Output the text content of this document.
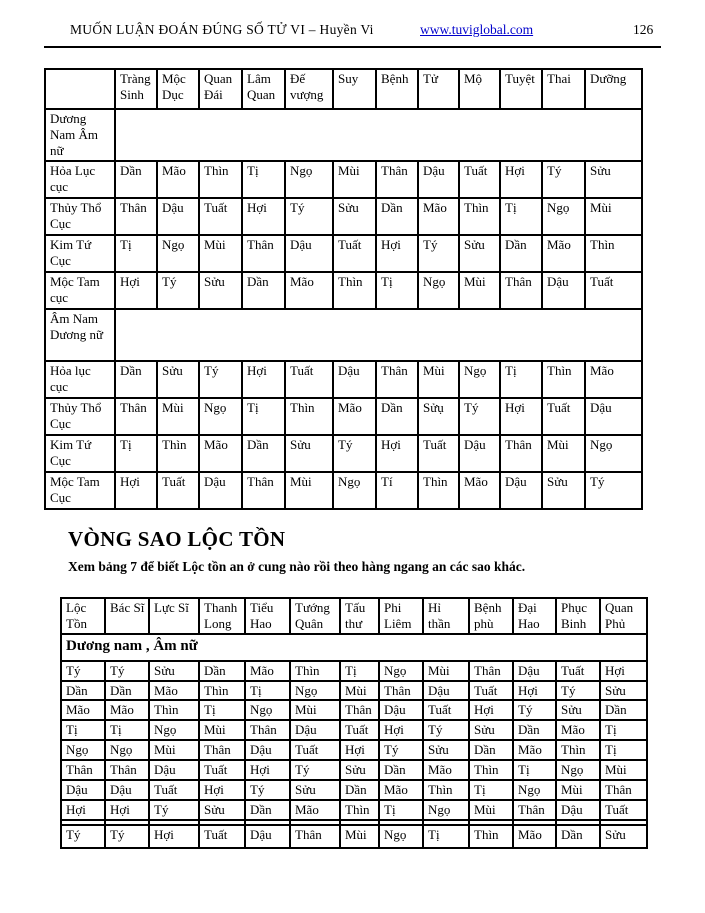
MUỐN LUẬN ĐOÁN ĐÚNG SỐ TỬ VI – Huyền Vi	www.tuviglobal.com	126
	Tràng Sinh	Mộc Dục	Quan Đái	Lâm Quan	Đế vượng	Suy	Bệnh	Tử	Mộ	Tuyệt	Thai	Dưỡng
Dương Nam Âm nữ												
Hỏa Lục cục	Dần	Mão	Thìn	Tị	Ngọ	Mùi	Thân	Dậu	Tuất	Hợi	Tý	Sửu
Thủy Thổ Cục	Thân	Dậu	Tuất	Hợi	Tý	Sửu	Dần	Mão	Thìn	Tị	Ngọ	Mùi
Kim Tứ Cục	Tị	Ngọ	Mùi	Thân	Dậu	Tuất	Hợi	Tý	Sửu	Dần	Mão	Thìn
Mộc Tam cục	Hợi	Tý	Sửu	Dần	Mão	Thìn	Tị	Ngọ	Mùi	Thân	Dậu	Tuất
Âm Nam Dương nữ												
Hỏa lục cục	Dần	Sửu	Tý	Hợi	Tuất	Dậu	Thân	Mùi	Ngọ	Tị	Thìn	Mão
Thủy Thổ Cục	Thân	Mùi	Ngọ	Tị	Thìn	Mão	Dần	Sửụ	Tý	Hợi	Tuất	Dậu
Kim Tứ Cục	Tị	Thìn	Mão	Dần	Sửu	Tý	Hợi	Tuất	Dậu	Thân	Mùi	Ngọ
Mộc Tam Cục	Hợi	Tuất	Dậu	Thân	Mùi	Ngọ	Tí	Thìn	Mão	Dậu	Sửu	Tý
VÒNG SAO LỘC TỒN

Xem bảng 7 để biết Lộc tồn an ở cung nào rồi theo hàng ngang an các sao khác.

Lộc Tồn	Bác Sĩ	Lực Sĩ	Thanh Long	Tiểu Hao	Tướng Quân	Tấu thư	Phi Liêm	Hỉ thần	Bệnh phù	Đại Hao	Phục Binh	Quan Phủ
Dương nam , Âm nữ												
Tý	Tý	Sửu	Dần	Mão	Thìn	Tị	Ngọ	Mùi	Thân	Dậu	Tuất	Hợi
Dần	Dần	Mão	Thìn	Tị	Ngọ	Mùi	Thân	Dậu	Tuất	Hợi	Tý	Sửu
Mão	Mão	Thìn	Tị	Ngọ	Mùi	Thân	Dậu	Tuất	Hợi	Tý	Sửu	Dần
Tị	Tị	Ngọ	Mùi	Thân	Dậu	Tuất	Hợi	Tý	Sửu	Dần	Mão	Tị
Ngọ	Ngọ	Mùi	Thân	Dậu	Tuất	Hợi	Tý	Sửu	Dần	Mão	Thìn	Tị
Thân	Thân	Dậu	Tuất	Hợi	Tý	Sửu	Dần	Mão	Thìn	Tị	Ngọ	Mùi
Dậu	Dậu	Tuất	Hợi	Tý	Sửu	Dần	Mão	Thìn	Tị	Ngọ	Mùi	Thân
Hợi	Hợi	Tý	Sửu	Dần	Mão	Thìn	Tị	Ngọ	Mùi	Thân	Dậu	Tuất

Tý	Tý	Hợi	Tuất	Dậu	Thân	Mùi	Ngọ	Tị	Thìn	Mão	Dần	Sửu
